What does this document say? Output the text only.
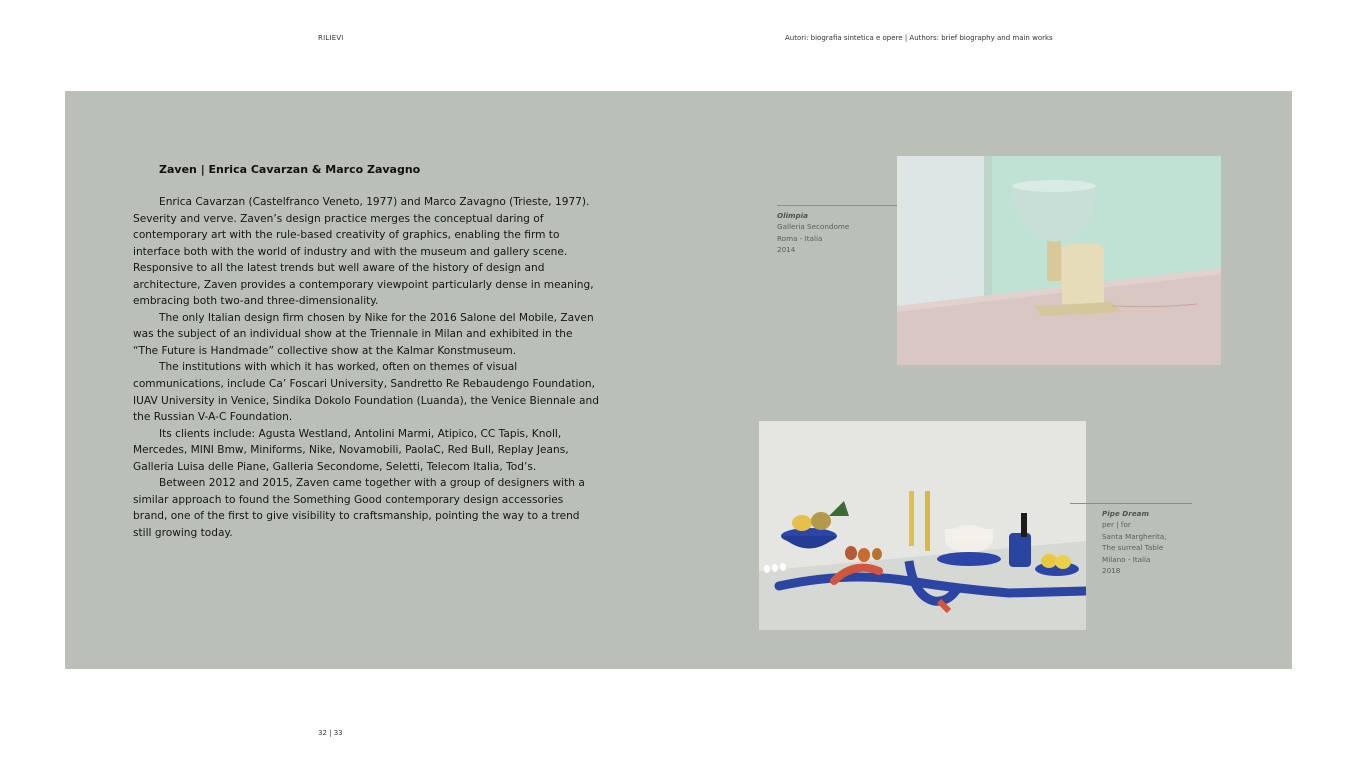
RILIEVI	Autori: biografia sintetica e opere | Authors: brief biography and main works
Zaven | Enrica Cavarzan & Marco Zavagno

Enrica Cavarzan (Castelfranco Veneto, 1977) and Marco Zavagno (Trieste, 1977). Severity and verve. Zaven’s design practice merges the conceptual daring of contemporary art with the rule-based creativity of graphics, enabling the firm to interface both with the world of industry and with the museum and gallery scene. Responsive to all the latest trends but well aware of the history of design and architecture, Zaven provides a contemporary viewpoint particularly dense in meaning, embracing both two-and three-dimensionality.

The only Italian design firm chosen by Nike for the 2016 Salone del Mobile, Zaven was the subject of an individual show at the Triennale in Milan and exhibited in the “The Future is Handmade” collective show at the Kalmar Konstmuseum.

The institutions with which it has worked, often on themes of visual communications, include Ca’ Foscari University, Sandretto Re Rebaudengo Foundation, IUAV University in Venice, Sindika Dokolo Foundation (Luanda), the Venice Biennale and the Russian V-A-C Foundation.

Its clients include: Agusta Westland, Antolini Marmi, Atipico, CC Tapis, Knoll, Mercedes, MINI Bmw, Miniforms, Nike, Novamobili, PaolaC, Red Bull, Replay Jeans, Galleria Luisa delle Piane, Galleria Secondome, Seletti, Telecom Italia, Tod’s.

Between 2012 and 2015, Zaven came together with a group of designers with a similar approach to found the Something Good contemporary design accessories brand, one of the first to give visibility to craftsmanship, pointing the way to a trend still growing today.

Olimpia
Galleria Secondome
Roma - Italia
2014
Pipe Dream
per | for
Santa Margherita,
The surreal Table
Milano - Italia
2018
32 | 33
